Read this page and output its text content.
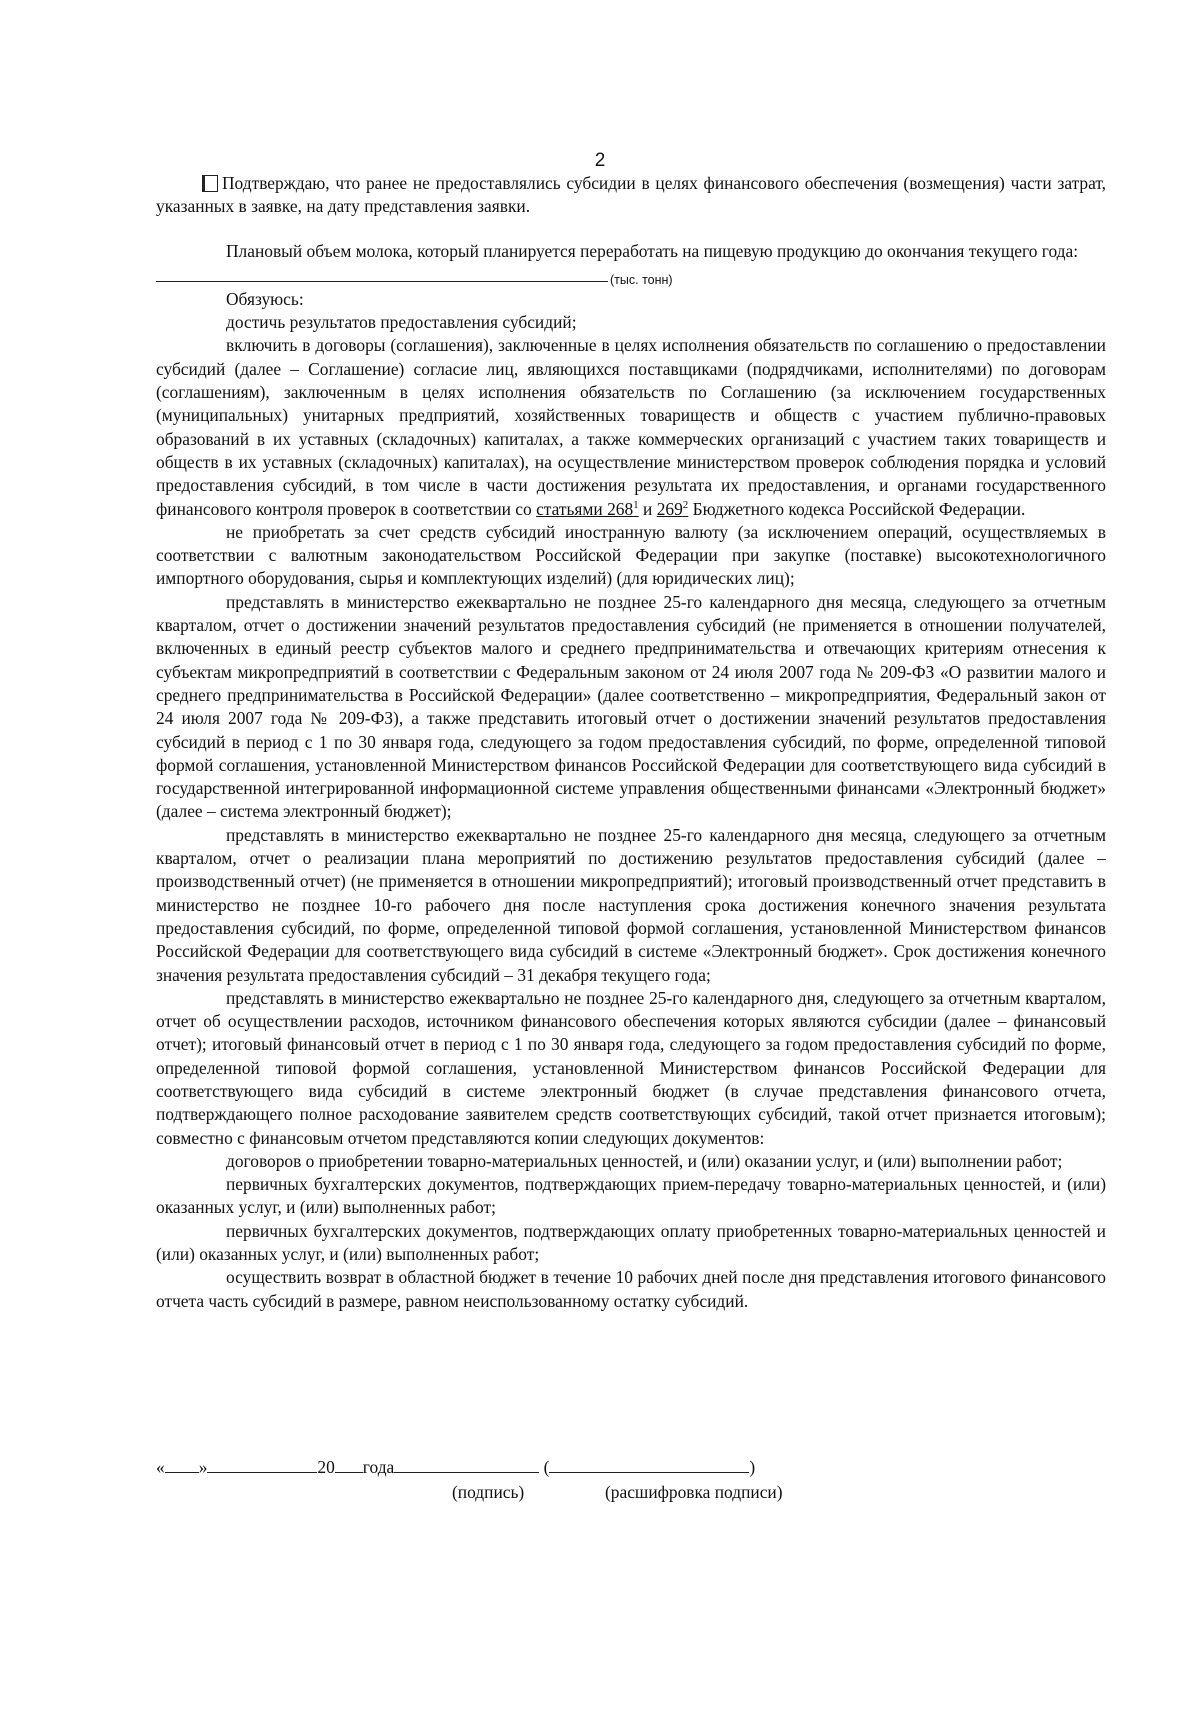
2

Подтверждаю, что ранее не предоставлялись субсидии в целях финансового обеспечения (возмещения) части затрат, указанных в заявке, на дату представления заявки.

Плановый объем молока, который планируется переработать на пищевую продукцию до окончания текущего года:

(тыс. тонн)

Обязуюсь:

достичь результатов предоставления субсидий;

включить в договоры (соглашения), заключенные в целях исполнения обязательств по соглашению о предоставлении субсидий (далее – Соглашение) согласие лиц, являющихся поставщиками (подрядчиками, исполнителями) по договорам (соглашениям), заключенным в целях исполнения обязательств по Соглашению (за исключением государственных (муниципальных) унитарных предприятий, хозяйственных товариществ и обществ с участием публично-правовых образований в их уставных (складочных) капиталах, а также коммерческих организаций с участием таких товариществ и обществ в их уставных (складочных) капиталах), на осуществление министерством проверок соблюдения порядка и условий предоставления субсидий, в том числе в части достижения результата их предоставления, и органами государственного финансового контроля проверок в соответствии со статьями $268^1$ и $269^2$ Бюджетного кодекса Российской Федерации.

не приобретать за счет средств субсидий иностранную валюту (за исключением операций, осуществляемых в соответствии с валютным законодательством Российской Федерации при закупке (поставке) высокотехнологичного импортного оборудования, сырья и комплектующих изделий) (для юридических лиц);

представлять в министерство ежеквартально не позднее 25-го календарного дня месяца, следующего за отчетным кварталом, отчет о достижении значений результатов предоставления субсидий (не применяется в отношении получателей, включенных в единый реестр субъектов малого и среднего предпринимательства и отвечающих критериям отнесения к субъектам микропредприятий в соответствии с Федеральным законом от 24 июля 2007 года № 209-ФЗ «О развитии малого и среднего предпринимательства в Российской Федерации» (далее соответственно – микропредприятия, Федеральный закон от 24 июля 2007 года № 209-ФЗ), а также представить итоговый отчет о достижении значений результатов предоставления субсидий в период с 1 по 30 января года, следующего за годом предоставления субсидий, по форме, определенной типовой формой соглашения, установленной Министерством финансов Российской Федерации для соответствующего вида субсидий в государственной интегрированной информационной системе управления общественными финансами «Электронный бюджет» (далее – система электронный бюджет);

представлять в министерство ежеквартально не позднее 25-го календарного дня месяца, следующего за отчетным кварталом, отчет о реализации плана мероприятий по достижению результатов предоставления субсидий (далее – производственный отчет) (не применяется в отношении микропредприятий); итоговый производственный отчет представить в министерство не позднее 10-го рабочего дня после наступления срока достижения конечного значения результата предоставления субсидий, по форме, определенной типовой формой соглашения, установленной Министерством финансов Российской Федерации для соответствующего вида субсидий в системе «Электронный бюджет». Срок достижения конечного значения результата предоставления субсидий – 31 декабря текущего года;

представлять в министерство ежеквартально не позднее 25-го календарного дня, следующего за отчетным кварталом, отчет об осуществлении расходов, источником финансового обеспечения которых являются субсидии (далее – финансовый отчет); итоговый финансовый отчет в период с 1 по 30 января года, следующего за годом предоставления субсидий по форме, определенной типовой формой соглашения, установленной Министерством финансов Российской Федерации для соответствующего вида субсидий в системе электронный бюджет (в случае представления финансового отчета, подтверждающего полное расходование заявителем средств соответствующих субсидий, такой отчет признается итоговым); совместно с финансовым отчетом представляются копии следующих документов:

договоров о приобретении товарно-материальных ценностей, и (или) оказании услуг, и (или) выполнении работ;

первичных бухгалтерских документов, подтверждающих прием-передачу товарно-материальных ценностей, и (или) оказанных услуг, и (или) выполненных работ;

первичных бухгалтерских документов, подтверждающих оплату приобретенных товарно-материальных ценностей и (или) оказанных услуг, и (или) выполненных работ;

осуществить возврат в областной бюджет в течение 10 рабочих дней после дня представления итогового финансового отчета часть субсидий в размере, равном неиспользованному остатку субсидий.

« »	20 года	(	)
(подпись)	(расшифровка подписи)
